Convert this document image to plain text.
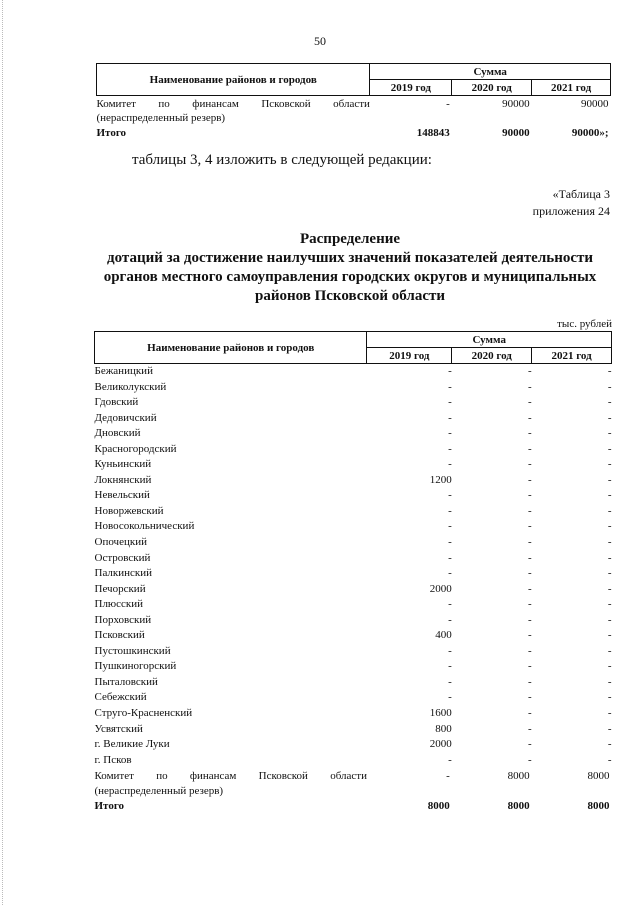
50
Наименование районов и городов	Сумма		
	2019 год	2020 год	2021 год

Комитет по финансам Псковской области
(нераспределенный резерв)	-	90000	90000
Итого	148843	90000	90000»;
таблицы 3, 4 изложить в следующей редакции:
«Таблица 3
приложения 24
Распределение
дотаций за достижение наилучших значений показателей деятельности
органов местного самоуправления городских округов и муниципальных
районов Псковской области
тыс. рублей
Наименование районов и городов	Сумма		
	2019 год	2020 год	2021 год
Бежаницкий	-	-	-
Великолукский	-	-	-
Гдовский	-	-	-
Дедовичский	-	-	-
Дновский	-	-	-
Красногородский	-	-	-
Куньинский	-	-	-
Локнянский	1200	-	-
Невельский	-	-	-
Новоржевский	-	-	-
Новосокольнический	-	-	-
Опочецкий	-	-	-
Островский	-	-	-
Палкинский	-	-	-
Печорский	2000	-	-
Плюсский	-	-	-
Порховский	-	-	-
Псковский	400	-	-
Пустошкинский	-	-	-
Пушкиногорский	-	-	-
Пыталовский	-	-	-
Себежский	-	-	-
Струго-Красненский	1600	-	-
Усвятский	800	-	-
г. Великие Луки	2000	-	-
г. Псков	-	-	-

Комитет по финансам Псковской области
(нераспределенный резерв)	-	8000	8000
Итого	8000	8000	8000
